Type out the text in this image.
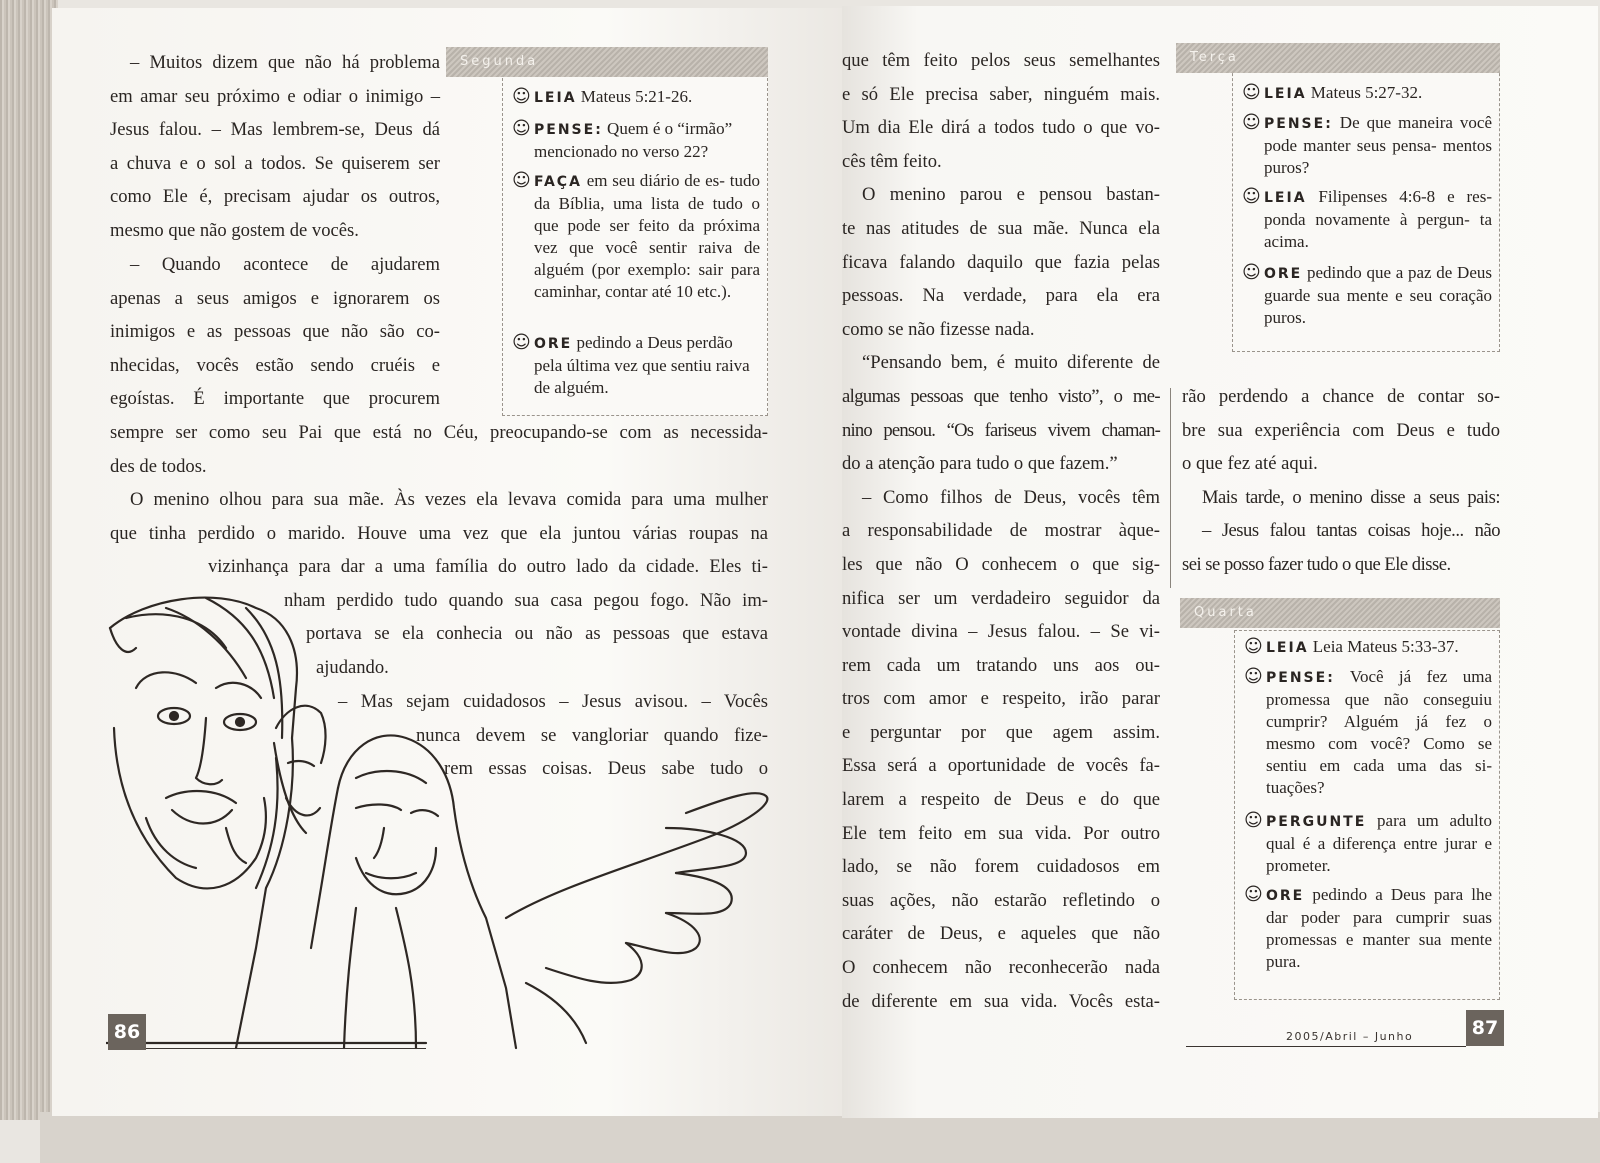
– Muitos dizem que não há problema
em amar seu próximo e odiar o inimigo –
Jesus falou. – Mas lembrem-se, Deus dá
a chuva e o sol a todos. Se quiserem ser
como Ele é, precisam ajudar os outros,
mesmo que não gostem de vocês.
– Quando acontece de ajudarem
apenas a seus amigos e ignorarem os
inimigos e as pessoas que não são co-
nhecidas, vocês estão sendo cruéis e
egoístas. É importante que procurem
sempre ser como seu Pai que está no Céu, preocupando-se com as necessida-
des de todos.
O menino olhou para sua mãe. Às vezes ela levava comida para uma mulher
que tinha perdido o marido. Houve uma vez que ela juntou várias roupas na
vizinhança para dar a uma família do outro lado da cidade. Eles ti-
nham perdido tudo quando sua casa pegou fogo. Não im-
portava se ela conhecia ou não as pessoas que estava
ajudando.
– Mas sejam cuidadosos – Jesus avisou. – Vocês
nunca devem se vangloriar quando fize-
rem essas coisas. Deus sabe tudo o
Segunda
☺ LEIA Mateus 5:21-26.
☺ PENSE: Quem é o “irmão” mencionado no verso 22?
☺ FAÇA em seu diário de es- tudo da Bíblia, uma lista de tudo o que pode ser feito da próxima vez que você sentir raiva de alguém (por exemplo: sair para caminhar, contar até 10 etc.).
☺ ORE pedindo a Deus perdão pela última vez que sentiu raiva de alguém.
86
que têm feito pelos seus semelhantes
e só Ele precisa saber, ninguém mais.
Um dia Ele dirá a todos tudo o que vo-
cês têm feito.
O menino parou e pensou bastan-
te nas atitudes de sua mãe. Nunca ela
ficava falando daquilo que fazia pelas
pessoas. Na verdade, para ela era
como se não fizesse nada.
“Pensando bem, é muito diferente de
algumas pessoas que tenho visto”, o me-
nino pensou. “Os fariseus vivem chaman-
do a atenção para tudo o que fazem.”
– Como filhos de Deus, vocês têm
a responsabilidade de mostrar àque-
les que não O conhecem o que sig-
nifica ser um verdadeiro seguidor da
vontade divina – Jesus falou. – Se vi-
rem cada um tratando uns aos ou-
tros com amor e respeito, irão parar
e perguntar por que agem assim.
Essa será a oportunidade de vocês fa-
larem a respeito de Deus e do que
Ele tem feito em sua vida. Por outro
lado, se não forem cuidadosos em
suas ações, não estarão refletindo o
caráter de Deus, e aqueles que não
O conhecem não reconhecerão nada
de diferente em sua vida. Vocês esta-
rão perdendo a chance de contar so-
bre sua experiência com Deus e tudo
o que fez até aqui.
Mais tarde, o menino disse a seus pais:
– Jesus falou tantas coisas hoje... não
sei se posso fazer tudo o que Ele disse.
Terça
☺ LEIA Mateus 5:27-32.
☺ PENSE: De que maneira você pode manter seus pensa- mentos puros?
☺ LEIA Filipenses 4:6-8 e res- ponda novamente à pergun- ta acima.
☺ ORE pedindo que a paz de Deus guarde sua mente e seu coração puros.
Quarta
☺ LEIA Leia Mateus 5:33-37.
☺ PENSE: Você já fez uma promessa que não conseguiu cumprir? Alguém já fez o mesmo com você? Como se sentiu em cada uma das si- tuações?
☺ PERGUNTE para um adulto qual é a diferença entre jurar e prometer.
☺ ORE pedindo a Deus para lhe dar poder para cumprir suas promessas e manter sua mente pura.
2005/Abril – Junho	87
